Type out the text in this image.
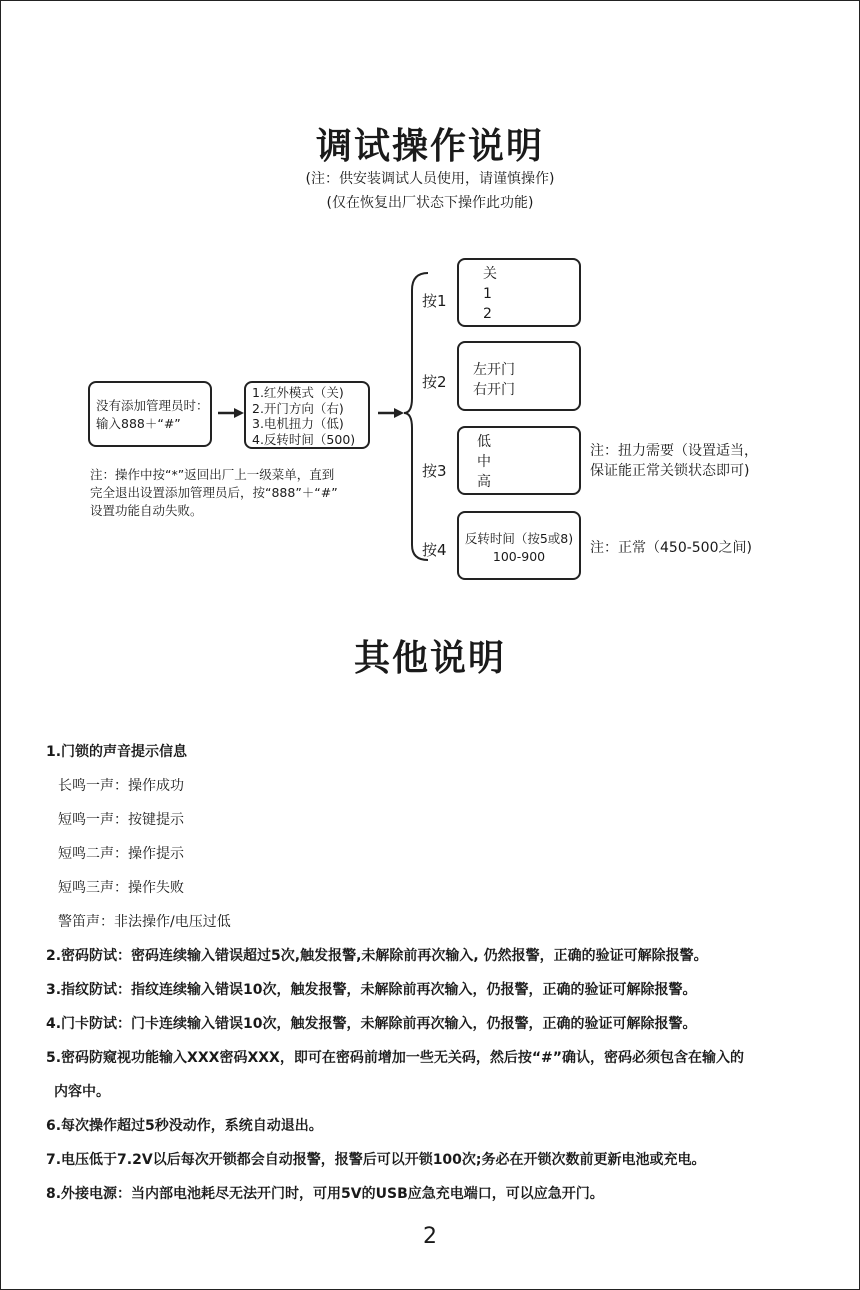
调试操作说明
(注：供安装调试人员使用，请谨慎操作)
(仅在恢复出厂状态下操作此功能)
没有添加管理员时：
输入888＋“#”
1.红外模式（关)
2.开门方向（右)
3.电机扭力（低)
4.反转时间（500)
注：操作中按“*”返回出厂上一级菜单，直到
完全退出设置添加管理员后，按“888”＋“#”
设置功能自动失败。
按1
关
1
2
按2
左开门
右开门
按3
低
中
高
注：扭力需要（设置适当，
保证能正常关锁状态即可)
按4
反转时间（按5或8)
100-900
注：正常（450-500之间)
其他说明
1.门锁的声音提示信息
长鸣一声：操作成功
短鸣一声：按键提示
短鸣二声：操作提示
短鸣三声：操作失败
警笛声：非法操作/电压过低
2.密码防试：密码连续输入错误超过5次,触发报警,未解除前再次输入, 仍然报警，正确的验证可解除报警。
3.指纹防试：指纹连续输入错误10次，触发报警，未解除前再次输入，仍报警，正确的验证可解除报警。
4.门卡防试：门卡连续输入错误10次，触发报警，未解除前再次输入，仍报警，正确的验证可解除报警。
5.密码防窥视功能输入XXX密码XXX，即可在密码前增加一些无关码，然后按“#”确认，密码必须包含在输入的
内容中。
6.每次操作超过5秒没动作，系统自动退出。
7.电压低于7.2V以后每次开锁都会自动报警，报警后可以开锁100次;务必在开锁次数前更新电池或充电。
8.外接电源：当内部电池耗尽无法开门时，可用5V的USB应急充电端口，可以应急开门。
2
